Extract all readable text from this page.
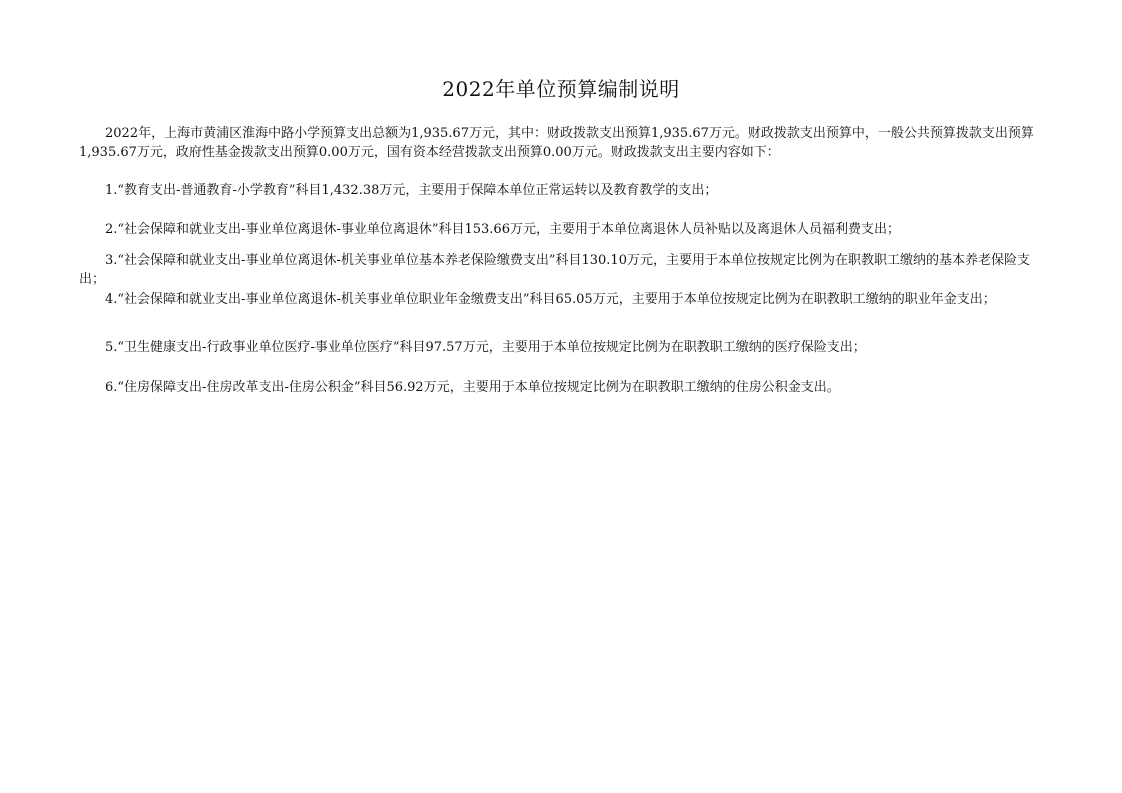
2022年单位预算编制说明
2022年，上海市黄浦区淮海中路小学预算支出总额为1,935.67万元，其中：财政拨款支出预算1,935.67万元。财政拨款支出预算中，一般公共预算拨款支出预算1,935.67万元，政府性基金拨款支出预算0.00万元，国有资本经营拨款支出预算0.00万元。财政拨款支出主要内容如下：
1.“教育支出-普通教育-小学教育”科目1,432.38万元，主要用于保障本单位正常运转以及教育教学的支出；
2.“社会保障和就业支出-事业单位离退休-事业单位离退休”科目153.66万元，主要用于本单位离退休人员补贴以及离退休人员福利费支出；
3.“社会保障和就业支出-事业单位离退休-机关事业单位基本养老保险缴费支出”科目130.10万元，主要用于本单位按规定比例为在职教职工缴纳的基本养老保险支出；
4.“社会保障和就业支出-事业单位离退休-机关事业单位职业年金缴费支出”科目65.05万元，主要用于本单位按规定比例为在职教职工缴纳的职业年金支出；
5.“卫生健康支出-行政事业单位医疗-事业单位医疗”科目97.57万元，主要用于本单位按规定比例为在职教职工缴纳的医疗保险支出；
6.“住房保障支出-住房改革支出-住房公积金”科目56.92万元，主要用于本单位按规定比例为在职教职工缴纳的住房公积金支出。
